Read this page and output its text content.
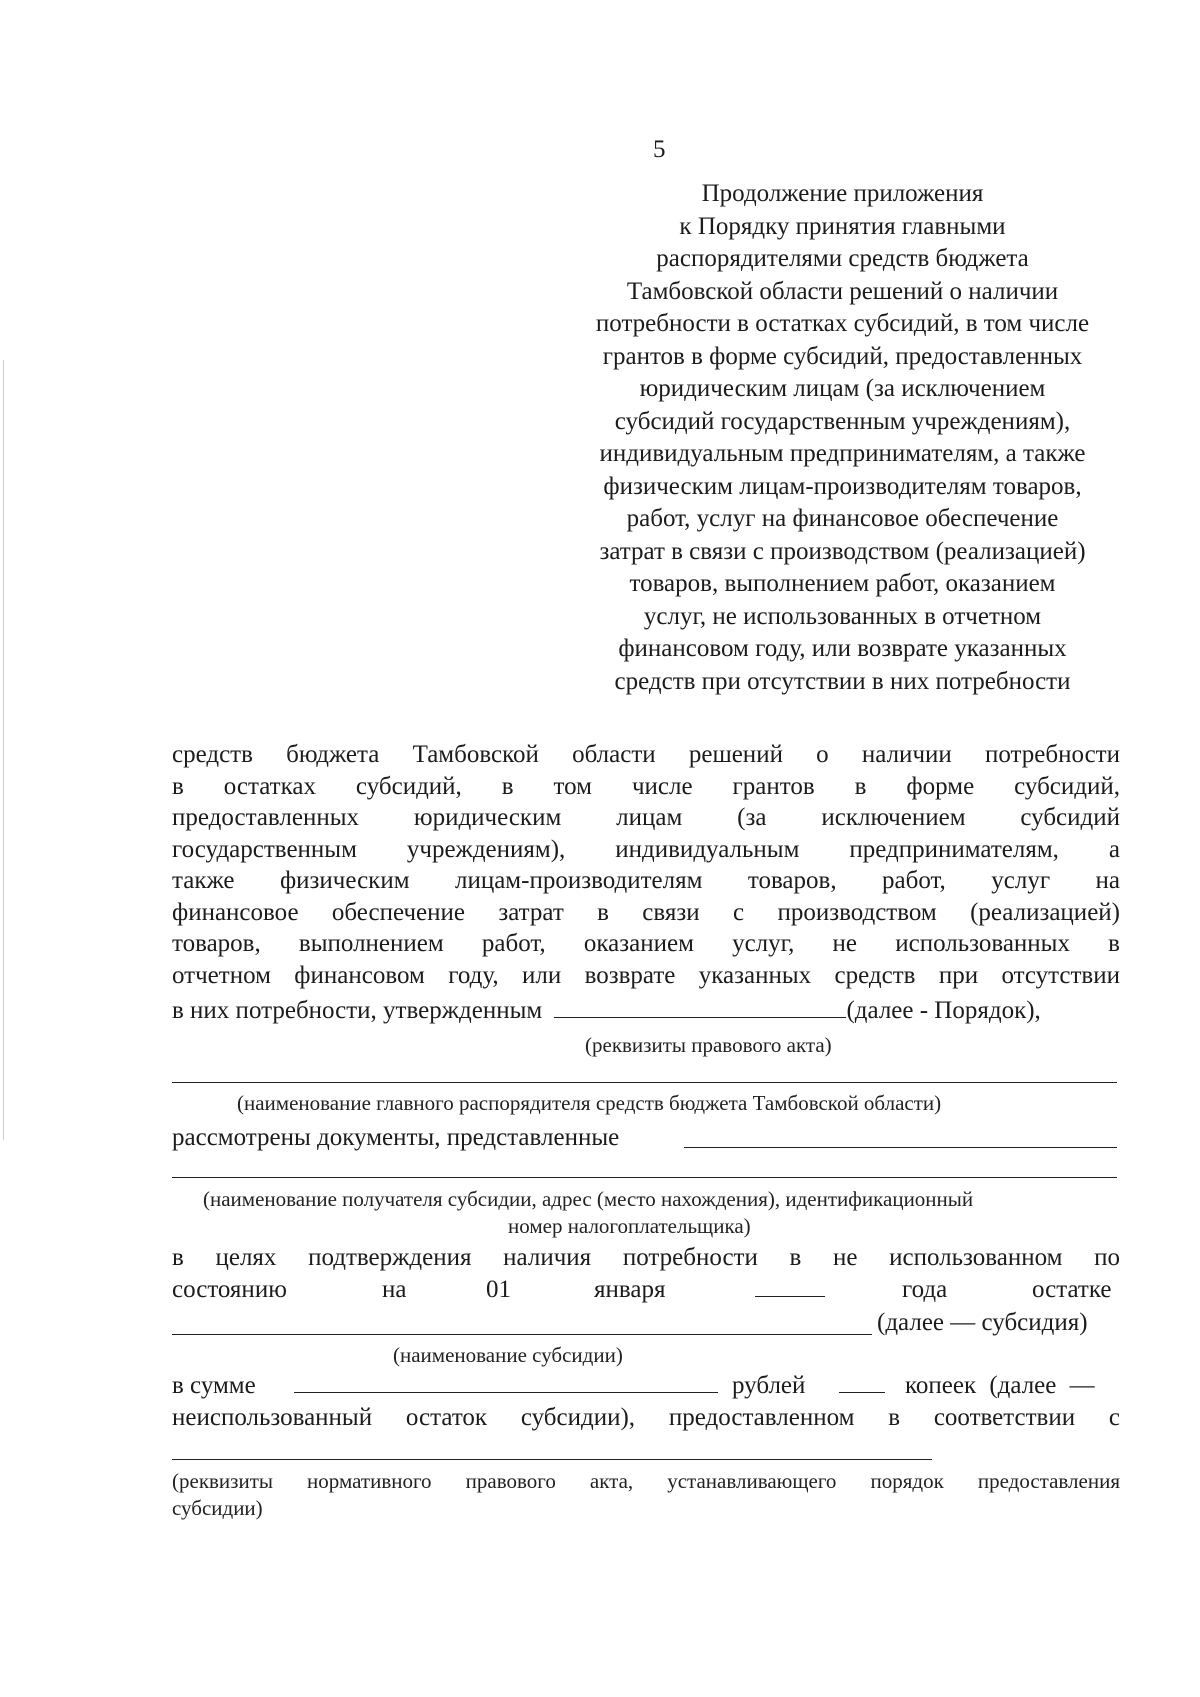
5
Продолжение приложения
к Порядку принятия главными
распорядителями средств бюджета
Тамбовской области решений о наличии
потребности в остатках субсидий, в том числе
грантов в форме субсидий, предоставленных
юридическим лицам (за исключением
субсидий государственным учреждениям),
индивидуальным предпринимателям, а также
физическим лицам-производителям товаров,
работ, услуг на финансовое обеспечение
затрат в связи с производством (реализацией)
товаров, выполнением работ, оказанием
услуг, не использованных в отчетном
финансовом году, или возврате указанных
средств при отсутствии в них потребности
средств бюджета Тамбовской области решений о наличии потребности
в остатках субсидий, в том числе грантов в форме субсидий,
предоставленных юридическим лицам (за исключением субсидий
государственным учреждениям), индивидуальным предпринимателям, а
также физическим лицам-производителям товаров, работ, услуг на
финансовое обеспечение затрат в связи с производством (реализацией)
товаров, выполнением работ, оказанием услуг, не использованных в
отчетном финансовом году, или возврате указанных средств при отсутствии
в них потребности, утвержденным	(далее - Порядок),
(реквизиты правового акта)
(наименование главного распорядителя средств бюджета Тамбовской области)
рассмотрены документы, представленные
(наименование получателя субсидии, адрес (место нахождения), идентификационный
номер налогоплательщика)
в целях подтверждения наличия потребности в не использованном по
состоянию	на	01	января	года	остатке
(далее — субсидия)
(наименование субсидии)
в сумме	рублей	копеек (далее —
неиспользованный остаток субсидии), предоставленном в соответствии с
(реквизиты нормативного правового акта, устанавливающего порядок предоставления
субсидии)
